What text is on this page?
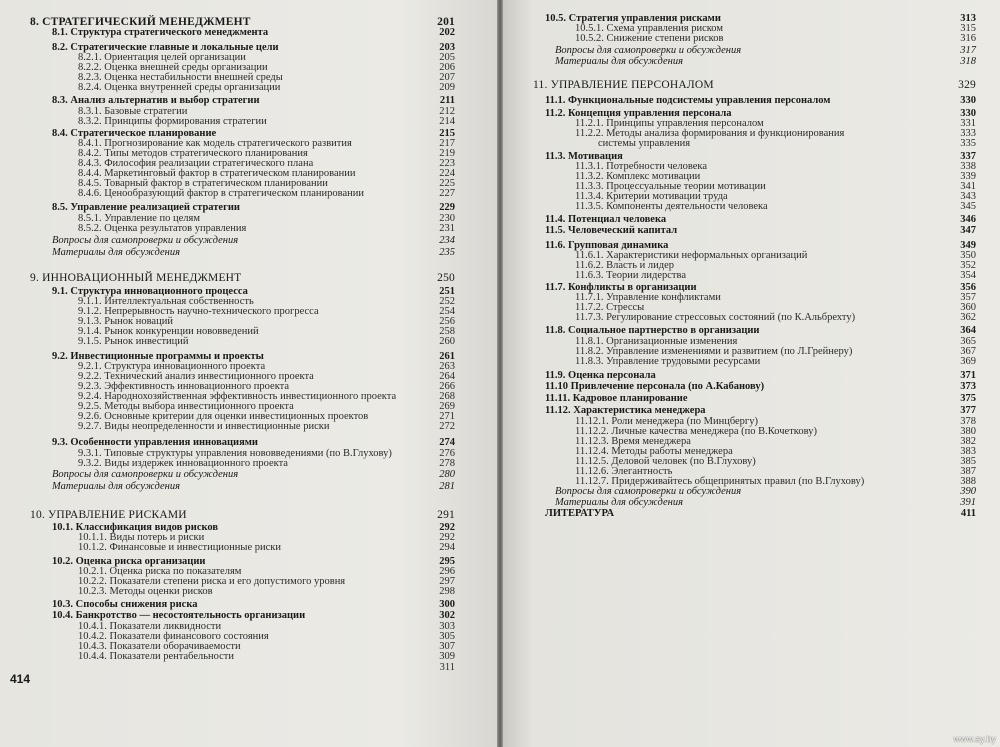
8. СТРАТЕГИЧЕСКИЙ МЕНЕДЖМЕНТ	201
8.1. Структура стратегического менеджмента	202
8.2. Стратегические главные и локальные цели	203
8.2.1. Ориентация целей организации	205
8.2.2. Оценка внешней среды организации	206
8.2.3. Оценка нестабильности внешней среды	207
8.2.4. Оценка внутренней среды организации	209
8.3. Анализ альтернатив и выбор стратегии	211
8.3.1. Базовые стратегии	212
8.3.2. Принципы формирования стратегии	214
8.4. Стратегическое планирование	215
8.4.1. Прогнозирование как модель стратегического развития	217
8.4.2. Типы методов стратегического планирования	219
8.4.3. Философия реализации стратегического плана	223
8.4.4. Маркетинговый фактор в стратегическом планировании	224
8.4.5. Товарный фактор в стратегическом планировании	225
8.4.6. Ценообразующий фактор в стратегическом планировании	227
8.5. Управление реализацией стратегии	229
8.5.1. Управление по целям	230
8.5.2. Оценка результатов управления	231
Вопросы для самопроверки и обсуждения	234
Материалы для обсуждения	235
9. ИННОВАЦИОННЫЙ МЕНЕДЖМЕНТ	250
9.1. Структура инновационного процесса	251
9.1.1. Интеллектуальная собственность	252
9.1.2. Непрерывность научно-технического прогресса	254
9.1.3. Рынок новаций	256
9.1.4. Рынок конкуренции нововведений	258
9.1.5. Рынок инвестиций	260
9.2. Инвестиционные программы и проекты	261
9.2.1. Структура инновационного проекта	263
9.2.2. Технический анализ инвестиционного проекта	264
9.2.3. Эффективность инновационного проекта	266
9.2.4. Народнохозяйственная эффективность инвестиционного проекта	268
9.2.5. Методы выбора инвестиционного проекта	269
9.2.6. Основные критерии для оценки инвестиционных проектов	271
9.2.7. Виды неопределенности и инвестиционные риски	272
9.3. Особенности управления инновациями	274
9.3.1. Типовые структуры управления нововведениями (по В.Глухову)	276
9.3.2. Виды издержек инновационного проекта	278
Вопросы для самопроверки и обсуждения	280
Материалы для обсуждения	281
10. УПРАВЛЕНИЕ РИСКАМИ	291
10.1. Классификация видов рисков	292
10.1.1. Виды потерь и риски	292
10.1.2. Финансовые и инвестиционные риски	294
10.2. Оценка риска организации	295
10.2.1. Оценка риска по показателям	296
10.2.2. Показатели степени риска и его допустимого уровня	297
10.2.3. Методы оценки рисков	298
10.3. Способы снижения риска	300
10.4. Банкротство — несостоятельность организации	302
10.4.1. Показатели ликвидности	303
10.4.2. Показатели финансового состояния	305
10.4.3. Показатели оборачиваемости	307
10.4.4. Показатели рентабельности	309
311
414
10.5. Стратегия управления рисками	313
10.5.1. Схема управления риском	315
10.5.2. Снижение степени рисков	316
Вопросы для самопроверки и обсуждения	317
Материалы для обсуждения	318
11. УПРАВЛЕНИЕ ПЕРСОНАЛОМ	329
11.1. Функциональные подсистемы управления персоналом	330
11.2. Концепция управления персонала	330
11.2.1. Принципы управления персоналом	331
11.2.2. Методы анализа формирования и функционирования	333
системы управления	335
11.3. Мотивация	337
11.3.1. Потребности человека	338
11.3.2. Комплекс мотивации	339
11.3.3. Процессуальные теории мотивации	341
11.3.4. Критерии мотивации труда	343
11.3.5. Компоненты деятельности человека	345
11.4. Потенциал человека	346
11.5. Человеческий капитал	347
11.6. Групповая динамика	349
11.6.1. Характеристики неформальных организаций	350
11.6.2. Власть и лидер	352
11.6.3. Теории лидерства	354
11.7. Конфликты в организации	356
11.7.1. Управление конфликтами	357
11.7.2. Стрессы	360
11.7.3. Регулирование стрессовых состояний (по К.Альбрехту)	362
11.8. Социальное партнерство в организации	364
11.8.1. Организационные изменения	365
11.8.2. Управление изменениями и развитием (по Л.Грейнеру)	367
11.8.3. Управление трудовыми ресурсами	369
11.9. Оценка персонала	371
11.10 Привлечение персонала (по А.Кабанову)	373
11.11. Кадровое планирование	375
11.12. Характеристика менеджера	377
11.12.1. Роли менеджера (по Минцбергу)	378
11.12.2. Личные качества менеджера (по В.Кочеткову)	380
11.12.3. Время менеджера	382
11.12.4. Методы работы менеджера	383
11.12.5. Деловой человек (по В.Глухову)	385
11.12.6. Элегантность	387
11.12.7. Придерживайтесь общепринятых правил (по В.Глухову)	388
Вопросы для самопроверки и обсуждения	390
Материалы для обсуждения	391
ЛИТЕРАТУРА	411
www.ay.by
